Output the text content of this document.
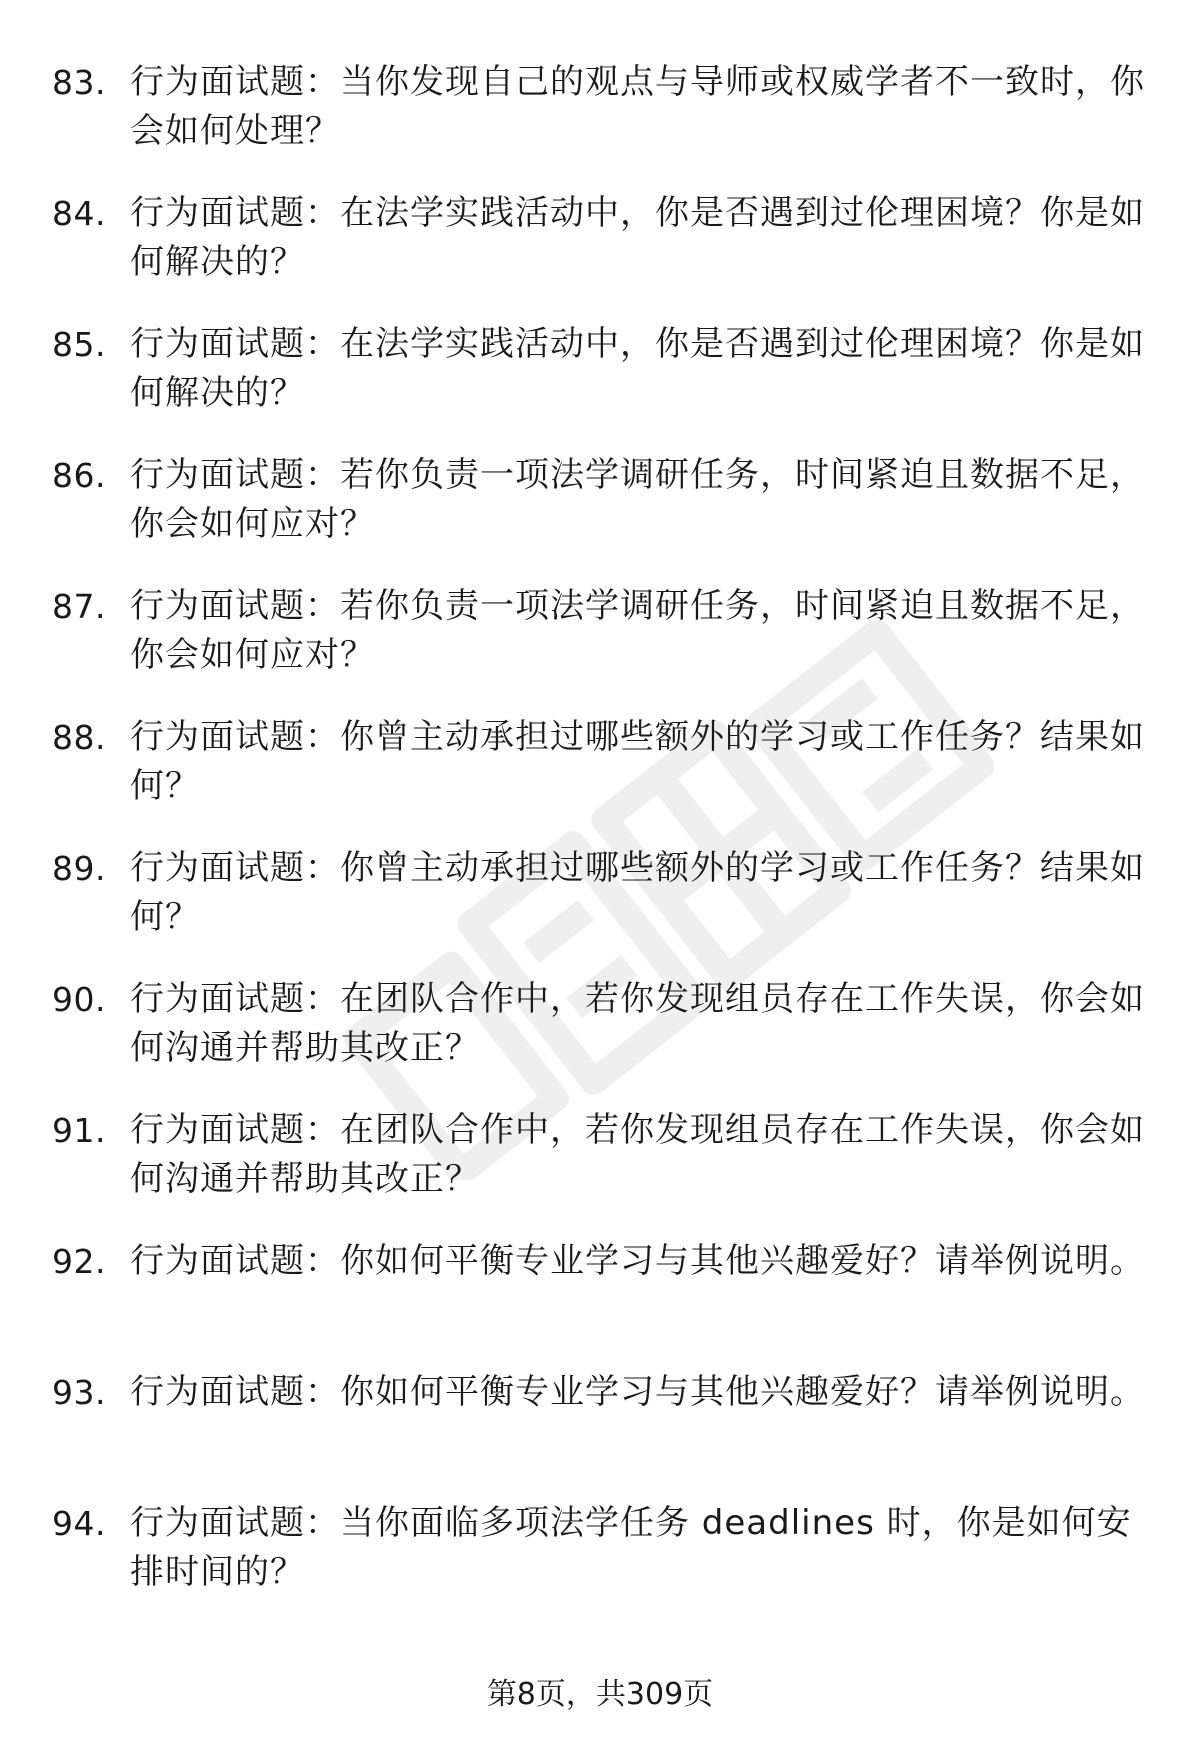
83. 行为面试题：当你发现自己的观点与导师或权威学者不一致时，你会如何处理？
84. 行为面试题：在法学实践活动中，你是否遇到过伦理困境？你是如何解决的？
85. 行为面试题：在法学实践活动中，你是否遇到过伦理困境？你是如何解决的？
86. 行为面试题：若你负责一项法学调研任务，时间紧迫且数据不足，你会如何应对？
87. 行为面试题：若你负责一项法学调研任务，时间紧迫且数据不足，你会如何应对？
88. 行为面试题：你曾主动承担过哪些额外的学习或工作任务？结果如何？
89. 行为面试题：你曾主动承担过哪些额外的学习或工作任务？结果如何？
90. 行为面试题：在团队合作中，若你发现组员存在工作失误，你会如何沟通并帮助其改正？
91. 行为面试题：在团队合作中，若你发现组员存在工作失误，你会如何沟通并帮助其改正？
92. 行为面试题：你如何平衡专业学习与其他兴趣爱好？请举例说明。
93. 行为面试题：你如何平衡专业学习与其他兴趣爱好？请举例说明。
94. 行为面试题：当你面临多项法学任务 deadlines 时，你是如何安排时间的？
第8页，共309页
